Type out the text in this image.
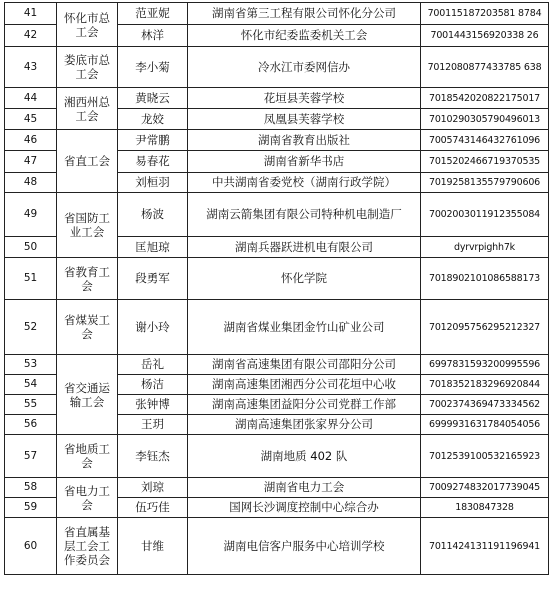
41	怀化市总工会	范亚妮	湖南省第三工程有限公司怀化分公司	700115187203581 8784
42		林洋	怀化市纪委监委机关工会	7001443156920338 26
43	娄底市总工会	李小菊	冷水江市委网信办	7012080877433785 638
44	湘西州总工会	黄晓云	花垣县芙蓉学校	7018542020822175017
45		龙姣	凤凰县芙蓉学校	7010290305790496013
46	省直工会	尹常鹏	湖南省教育出版社	7005743146432761096
47		易春花	湖南省新华书店	7015202466719370535
48		刘桓羽	中共湖南省委党校（湖南行政学院）	7019258135579790606
49	省国防工业工会	杨波	湖南云箭集团有限公司特种机电制造厂	7002003011912355084
50		匡旭琼	湖南兵器跃进机电有限公司	dyrvrpighh7k
51	省教育工会	段勇军	怀化学院	7018902101086588173
52	省煤炭工会	谢小玲	湖南省煤业集团金竹山矿业公司	7012095756295212327
53	省交通运输工会	岳礼	湖南省高速集团有限公司邵阳分公司	6997831593200995596
54		杨洁	湖南高速集团湘西分公司花垣中心收	7018352183296920844
55		张钟博	湖南高速集团益阳分公司党群工作部	7002374369473334562
56		王玥	湖南高速集团张家界分公司	6999931631784054056
57	省地质工会	李钰杰	湖南地质 402 队	7012539100532165923
58	省电力工会	刘琼	湖南省电力工会	7009274832017739045
59		伍巧佳	国网长沙调度控制中心综合办	1830847328
60	省直属基层工会工作委员会	甘维	湖南电信客户服务中心培训学校	7011424131191196941
